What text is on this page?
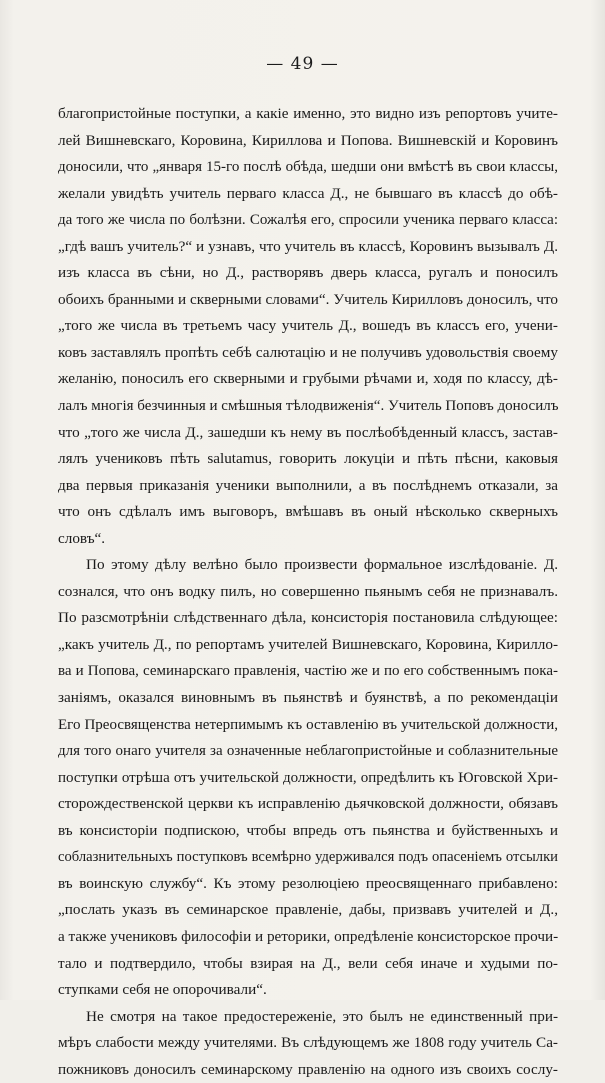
— 49 —

благопристойные поступки, а какіе именно, это видно изъ репортовъ учите-
лей Вишневскаго, Коровина, Кириллова и Попова. Вишневскій и Коровинъ
доносили, что „января 15-го послѣ обѣда, шедши они вмѣстѣ въ свои классы,
желали увидѣть учитель перваго класса Д., не бывшаго въ классѣ до обѣ-
да того же числа по болѣзни. Сожалѣя его, спросили ученика перваго класса:
„гдѣ вашъ учитель?“ и узнавъ, что учитель въ классѣ, Коровинъ вызывалъ Д.
изъ класса въ сѣни, но Д., растворявъ дверь класса, ругалъ и поносилъ
обоихъ бранными и скверными словами“. Учитель Кирилловъ доносилъ, что
„того же числа въ третьемъ часу учитель Д., вошедъ въ классъ его, учени-
ковъ заставлялъ пропѣть себѣ салютацію и не получивъ удовольствія своему
желанію, поносилъ его скверными и грубыми рѣчами и, ходя по классу, дѣ-
лалъ многія безчинныя и смѣшныя тѣлодвиженія“. Учитель Поповъ доносилъ
что „того же числа Д., зашедши къ нему въ послѣобѣденный классъ, застав-
лялъ учениковъ пѣть salutamus, говорить локуціи и пѣть пѣсни, каковыя
два первыя приказанія ученики выполнили, а въ послѣднемъ отказали, за
что онъ сдѣлалъ имъ выговоръ, вмѣшавъ въ оный нѣсколько скверныхъ
словъ“.

По этому дѣлу велѣно было произвести формальное изслѣдованіе. Д.
сознался, что онъ водку пилъ, но совершенно пьянымъ себя не признавалъ.
По разсмотрѣніи слѣдственнаго дѣла, консисторія постановила слѣдующее:
„какъ учитель Д., по репортамъ учителей Вишневскаго, Коровина, Кирилло-
ва и Попова, семинарскаго правленія, частію же и по его собственнымъ пока-
заніямъ, оказался виновнымъ въ пьянствѣ и буянствѣ, а по рекомендаціи
Его Преосвященства нетерпимымъ къ оставленію въ учительской должности,
для того онаго учителя за означенные неблагопристойные и соблазнительные
поступки отрѣша отъ учительской должности, опредѣлить къ Юговской Хри-
сторождественской церкви къ исправленію дьячковской должности, обязавъ
въ консисторіи подпискою, чтобы впредь отъ пьянства и буйственныхъ и
соблазнительныхъ поступковъ всемѣрно удерживался подъ опасеніемъ отсылки
въ воинскую службу“. Къ этому резолюціею преосвященнаго прибавлено:
„послать указъ въ семинарское правленіе, дабы, призвавъ учителей и Д.,
а также учениковъ философіи и реторики, опредѣленіе консисторское прочи-
тало и подтвердило, чтобы взирая на Д., вели себя иначе и худыми по-
ступками себя не опорочивали“.

Не смотря на такое предостереженіе, это былъ не единственный при-
мѣръ слабости между учителями. Въ слѣдующемъ же 1808 году учитель Са-
пожниковъ доносилъ семинарскому правленію на одного изъ своихъ сослу-
